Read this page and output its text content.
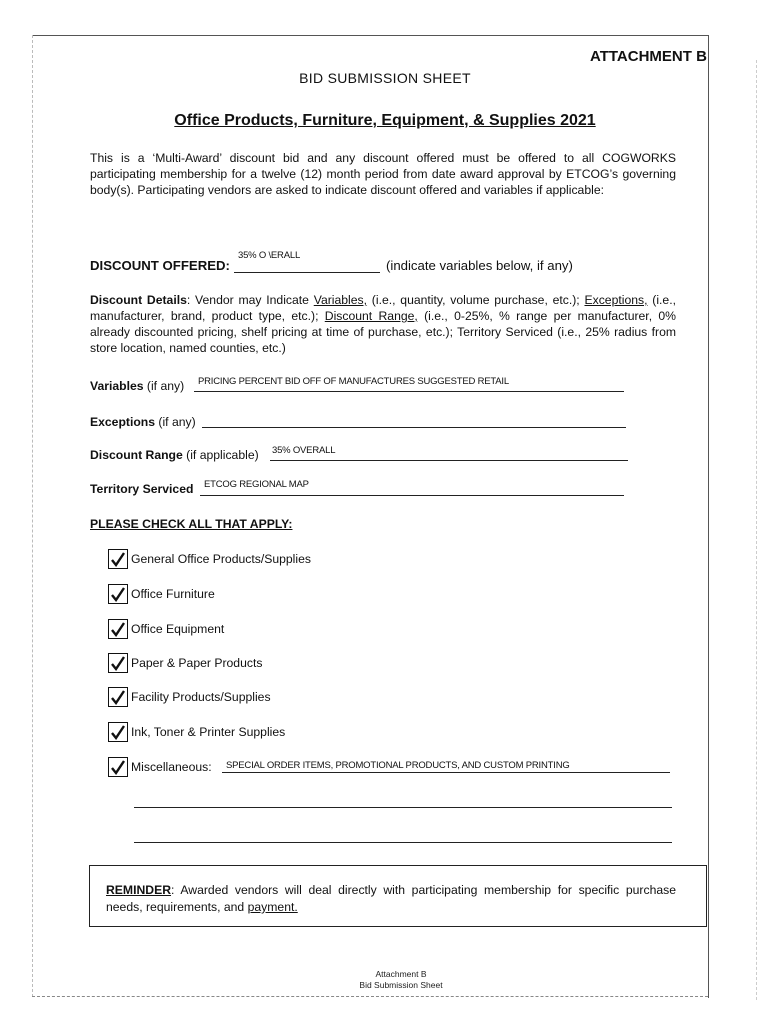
ATTACHMENT B
BID SUBMISSION SHEET
Office Products, Furniture, Equipment, & Supplies 2021
This is a ‘Multi-Award’ discount bid and any discount offered must be offered to all COGWORKS participating membership for a twelve (12) month period from date award approval by ETCOG’s governing body(s). Participating vendors are asked to indicate discount offered and variables if applicable:
DISCOUNT OFFERED:
35% O \ERALL
(indicate variables below, if any)
Discount Details: Vendor may Indicate Variables, (i.e., quantity, volume purchase, etc.); Exceptions, (i.e., manufacturer, brand, product type, etc.); Discount Range, (i.e., 0-25%, % range per manufacturer, 0% already discounted pricing, shelf pricing at time of purchase, etc.); Territory Serviced (i.e., 25% radius from store location, named counties, etc.)
Variables (if any) PRICING PERCENT BID OFF OF MANUFACTURES SUGGESTED RETAIL
Exceptions (if any)
Discount Range (if applicable) 35% OVERALL
Territory Serviced ETCOG REGIONAL MAP
PLEASE CHECK ALL THAT APPLY:
General Office Products/Supplies
Office Furniture
Office Equipment
Paper & Paper Products
Facility Products/Supplies
Ink, Toner & Printer Supplies
Miscellaneous: SPECIAL ORDER ITEMS, PROMOTIONAL PRODUCTS, AND CUSTOM PRINTING
REMINDER: Awarded vendors will deal directly with participating membership for specific purchase needs, requirements, and payment.
Attachment B
Bid Submission Sheet
